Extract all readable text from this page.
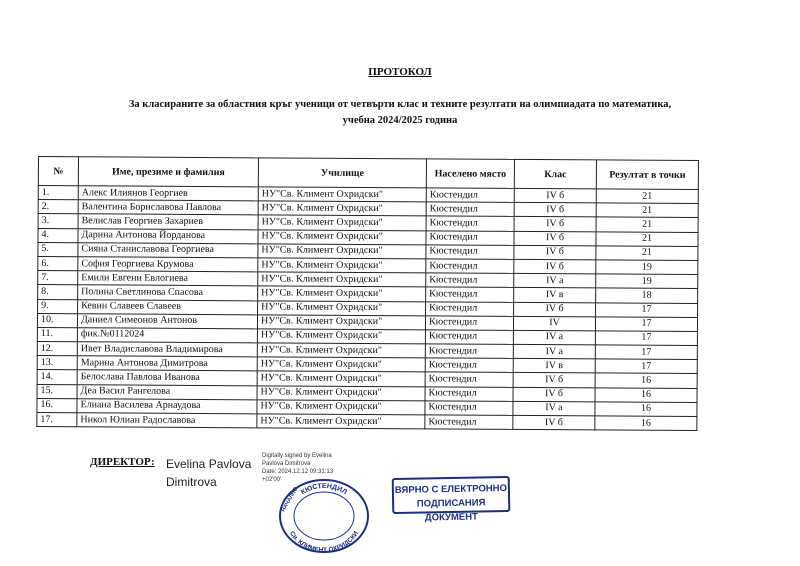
ПРОТОКОЛ
За класираните за областния кръг ученици от четвърти клас и техните резултати на олимпиадата по математика,
учебна 2024/2025 година
№	Име, презиме и фамилия	Училище	Населено място	Клас	Резултат в точки
1.	Алекс Илиянов Георгиев	НУ"Св. Климент Охридски"	Кюстендил	IV б	21
2.	Валентина Бориславова Павлова	НУ"Св. Климент Охридски"	Кюстендил	IV б	21
3.	Велислав Георгиев Захариев	НУ"Св. Климент Охридски"	Кюстендил	IV б	21
4.	Дарина Антонова Йорданова	НУ"Св. Климент Охридски"	Кюстендил	IV б	21
5.	Сияна Станиславова Георгиева	НУ"Св. Климент Охридски"	Кюстендил	IV б	21
6.	София Георгиева Крумова	НУ"Св. Климент Охридски"	Кюстендил	IV б	19
7.	Емили Евгени Евлогиева	НУ"Св. Климент Охридски"	Кюстендил	IV а	19
8.	Полина Светлинова Спасова	НУ"Св. Климент Охридски"	Кюстендил	IV в	18
9.	Кевин Славеев Славеев	НУ"Св. Климент Охридски"	Кюстендил	IV б	17
10.	Даниел Симеонов Антонов	НУ"Св. Климент Охридски"	Кюстендил	IV	17
11.	фик.№0112024	НУ"Св. Климент Охридски"	Кюстендил	IV а	17
12.	Ивет Владиславова Владимирова	НУ"Св. Климент Охридски"	Кюстендил	IV а	17
13.	Марина Антонова Димитрова	НУ"Св. Климент Охридски"	Кюстендил	IV в	17
14.	Белослава Павлова Иванова	НУ"Св. Климент Охридски"	Кюстендил	IV б	16
15.	Деа Васил Рангелова	НУ"Св. Климент Охридски"	Кюстендил	IV б	16
16.	Елиана Василева Арнаудова	НУ"Св. Климент Охридски"	Кюстендил	IV а	16
17.	Никол Юлиан Радославова	НУ"Св. Климент Охридски"	Кюстендил	IV б	16
ДИРЕКТОР: Evelina Pavlova
Dimitrova
Digitally signed by Evelina
Pavlova Dimitrova
Date: 2024.12.12 09:31:13
+02'00'
КЮСТЕНДИЛ
Св. КЛИМЕНТ ОХРИДСКИ
НАЧАЛНО	ВЯРНО С ЕЛЕКТРОННО
ПОДПИСАНИЯ ДОКУМЕНТ
